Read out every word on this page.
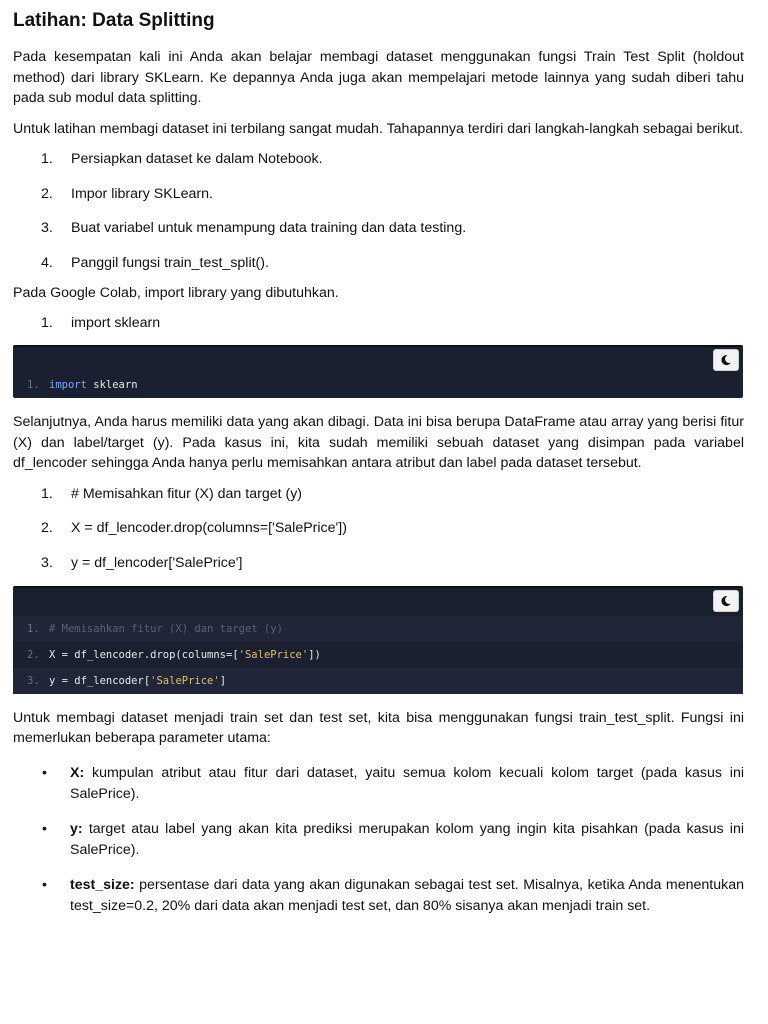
Latihan: Data Splitting

Pada kesempatan kali ini Anda akan belajar membagi dataset menggunakan fungsi Train Test Split (holdout method) dari library SKLearn. Ke depannya Anda juga akan mempelajari metode lainnya yang sudah diberi tahu pada sub modul data splitting.

Untuk latihan membagi dataset ini terbilang sangat mudah. Tahapannya terdiri dari langkah-langkah sebagai berikut.

1. Persiapkan dataset ke dalam Notebook.
2. Impor library SKLearn.
3. Buat variabel untuk menampung data training dan data testing.
4. Panggil fungsi train_test_split().

Pada Google Colab, import library yang dibutuhkan.

1. import sklearn
1. import sklearn

Selanjutnya, Anda harus memiliki data yang akan dibagi. Data ini bisa berupa DataFrame atau array yang berisi fitur (X) dan label/target (y). Pada kasus ini, kita sudah memiliki sebuah dataset yang disimpan pada variabel df_lencoder sehingga Anda hanya perlu memisahkan antara atribut dan label pada dataset tersebut.

1. # Memisahkan fitur (X) dan target (y)
2. X = df_lencoder.drop(columns=['SalePrice'])
3. y = df_lencoder['SalePrice']
1. # Memisahkan fitur (X) dan target (y)
2. X = df_lencoder.drop(columns=[ 'SalePrice' ])
3. y = df_lencoder[ 'SalePrice' ]

Untuk membagi dataset menjadi train set dan test set, kita bisa menggunakan fungsi train_test_split. Fungsi ini memerlukan beberapa parameter utama:

• X: kumpulan atribut atau fitur dari dataset, yaitu semua kolom kecuali kolom target (pada kasus ini SalePrice).
• y: target atau label yang akan kita prediksi merupakan kolom yang ingin kita pisahkan (pada kasus ini SalePrice).
• test_size: persentase dari data yang akan digunakan sebagai test set. Misalnya, ketika Anda menentukan test_size=0.2, 20% dari data akan menjadi test set, dan 80% sisanya akan menjadi train set.
